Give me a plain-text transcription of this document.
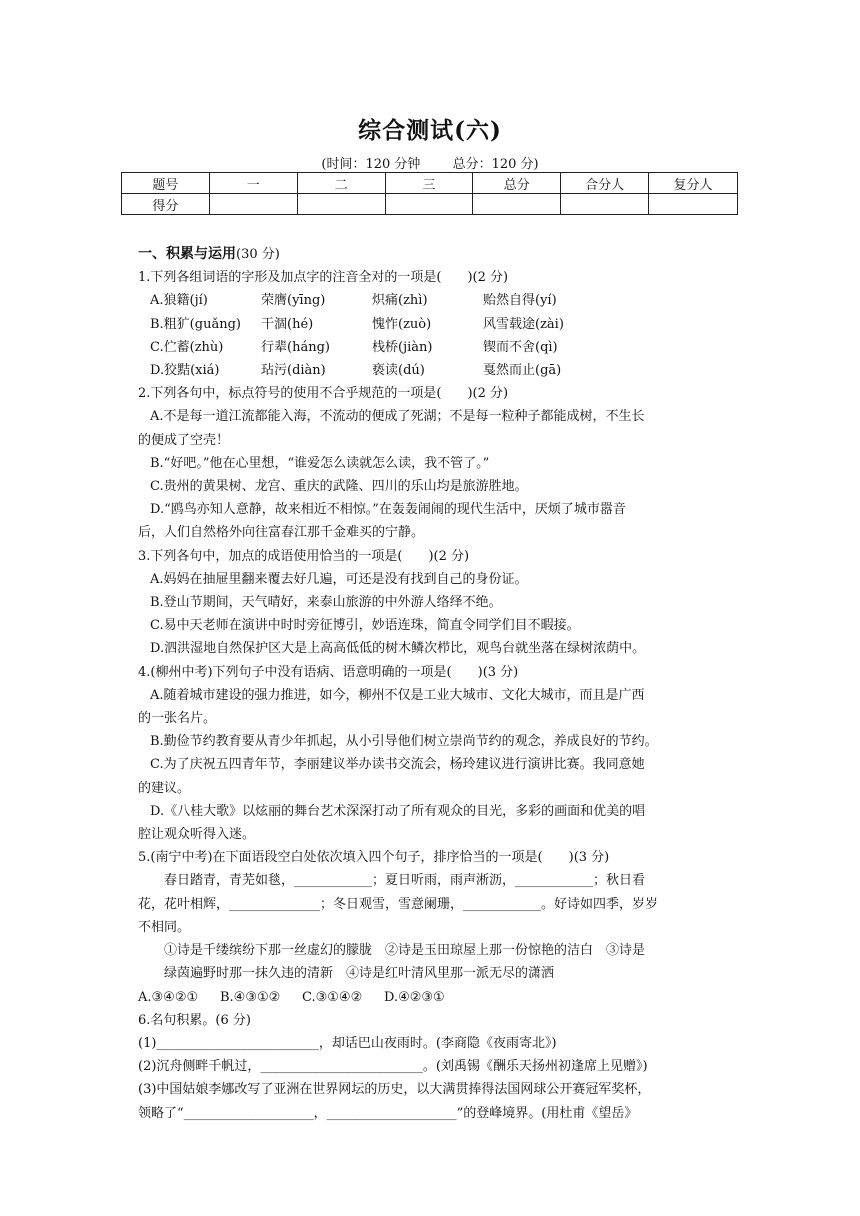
综合测试(六)
(时间：120 分钟 总分：120 分)
题号	一	二	三	总分	合分人	复分人
得分						
一、积累与运用(30 分)
1.下列各组词语的字形及加点字的注音全对的一项是(　　)(2 分)
A.狼籍(jí)	荣膺(yīng)	炽痛(zhì)	贻然自得(yí)
B.粗犷(guǎng)	干涸(hé)	愧怍(zuò)	风雪载途(zài)
C.伫蓄(zhù)	行辈(háng)	栈桥(jiàn)	锲而不舍(qì)
D.狡黠(xiá)	玷污(diàn)	亵读(dú)	戛然而止(gā)
2.下列各句中，标点符号的使用不合乎规范的一项是(　　)(2 分)
A.不是每一道江流都能入海，不流动的便成了死湖；不是每一粒种子都能成树，不生长
的便成了空壳！
B.“好吧。”他在心里想，“谁爱怎么读就怎么读，我不管了。”
C.贵州的黄果树、龙宫、重庆的武隆、四川的乐山均是旅游胜地。
D.“鸥鸟亦知人意静，故来相近不相惊。”在轰轰闹闹的现代生活中，厌烦了城市嚣音
后，人们自然格外向往富春江那千金难买的宁静。
3.下列各句中，加点的成语使用恰当的一项是(　　)(2 分)
A.妈妈在抽屉里翻来覆去好几遍，可还是没有找到自己的身份证。
B.登山节期间，天气晴好，来泰山旅游的中外游人络绎不绝。
C.易中天老师在演讲中时时旁征博引，妙语连珠，简直令同学们目不暇接。
D.泗洪湿地自然保护区大是上高高低低的树木鳞次栉比，观鸟台就坐落在绿树浓荫中。
4.(柳州中考)下列句子中没有语病、语意明确的一项是(　　)(3 分)
A.随着城市建设的强力推进，如今，柳州不仅是工业大城市、文化大城市，而且是广西
的一张名片。
B.勤俭节约教育要从青少年抓起，从小引导他们树立崇尚节约的观念，养成良好的节约。
C.为了庆祝五四青年节，李丽建议举办读书交流会，杨玲建议进行演讲比赛。我同意她
的建议。
D.《八桂大歌》以炫丽的舞台艺术深深打动了所有观众的目光，多彩的画面和优美的唱
腔让观众听得入迷。
5.(南宁中考)在下面语段空白处依次填入四个句子，排序恰当的一项是(　　)(3 分)
春日踏青，青芜如毯，____________；夏日听雨，雨声淅沥，____________；秋日看
花，花叶相辉，______________；冬日观雪，雪意阑珊，____________。好诗如四季，岁岁
不相同。
①诗是千缕缤纷下那一丝虚幻的朦胧　②诗是玉田琼屋上那一份惊艳的洁白　③诗是
绿茵遍野时那一抹久违的清新　④诗是红叶清风里那一派无尽的潇洒
A.③④②①	B.④③①②	C.③①④②	D.④②③①
6.名句积累。(6 分)
(1)_________________________，却话巴山夜雨时。(李商隐《夜雨寄北》)
(2)沉舟侧畔千帆过，_________________________。(刘禹锡《酬乐天扬州初逢席上见赠》)
(3)中国姑娘李娜改写了亚洲在世界网坛的历史，以大满贯捧得法国网球公开赛冠军奖杯，
领略了“____________________，____________________”的登峰境界。(用杜甫《望岳》
